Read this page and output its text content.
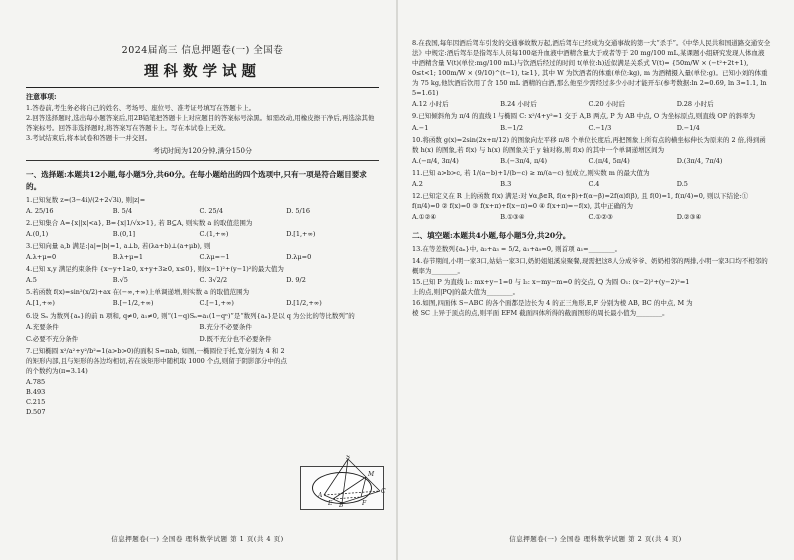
2024届高三 信息押题卷(一) 全国卷
理科数学试题

注意事项:

1.答卷前,考生务必将自己的姓名、考场号、座位号、准考证号填写在答题卡上。

2.回答选择题时,选出每小题答案后,用2B铅笔把答题卡上对应题目的答案标号涂黑。如需改动,用橡皮擦干净后,再选涂其他答案标号。回答非选择题时,将答案写在答题卡上。写在本试卷上无效。

3.考试结束后,将本试卷和答题卡一并交回。

考试时间为120分钟,满分150分
一、选择题:本题共12小题,每小题5分,共60分。在每小题给出的四个选项中,只有一项是符合题目要求的。
1.已知复数 z=(3−4i)/(2+2√3i), 则|z|=
A. 25/16	B. 5/4	C. 25/4	D. 5/16
2.已知集合 A={x||x|<a}, B={x|1/√x>1}, 若 B⊆A, 则实数 a 的取值范围为
A.(0,1)	B.(0,1]	C.(1,+∞)	D.[1,+∞)
3.已知向量 a,b 满足:|a|=|b|=1, a⊥b, 若(λa+b)⊥(a+μb), 则
A.λ+μ=0	B.λ+μ=1	C.λμ=−1	D.λμ=0
4.已知 x,y 满足约束条件 {x−y+1≥0, x+y+3≥0, x≤0}, 则(x−1)²+(y−1)²的最大值为
A.5	B.√5	C. 3√2/2	D. 9/2
5.若函数 f(x)=sin²(x/2)+ax 在(−∞,+∞)上单调递增,则实数 a 的取值范围为
A.[1,+∞)	B.[−1/2,+∞)	C.[−1,+∞)	D.[1/2,+∞)
6.设 Sₙ 为数列{aₙ}的前 n 项和, q≠0, a₁≠0, 则“(1−q)Sₙ=a₁(1−qⁿ)”是“数列{aₙ}是以 q 为公比的等比数列”的
A.充要条件	B.充分不必要条件
C.必要不充分条件	D.既不充分也不必要条件
7.已知椭圆 x²/a²+y²/b²=1(a>b>0)的面积 S=πab, 如图,一椭圆位于托,宽分别为 4 和 2 的矩形内部,且与矩形的各边均相切,若在该矩形中随机取 1000 个点,则留于阴影部分中的点的个数约为(π≈3.14)
A.785
B.493
C.215
D.507
信息押题卷(一) 全国卷 理科数学试题 第 1 页(共 4 页)
8.在我国,每年因酒后驾车引发的交通事故数万起,酒后驾车已经成为交通事故的第一大“杀手”。《中华人民共和国道路交通安全法》中规定:酒后驾车是指驾车人员每100毫升血液中酒精含量大于或者等于 20 mg/100 mL,某课题小组研究发现人体血液中酒精含量 V(t)(单位:mg/100 mL)与饮酒后经过的时间 t(单位:h)近似满足关系式 V(t)= {50m/W × (−t²+2t+1), 0≤t<1; 100m/W × (9/10)^(t−1), t≥1}, 其中 W 为饮酒者的体重(单位:kg), m 为酒精摄入量(单位:g)。已知小刘的体重为 75 kg,他饮酒后饮用了含 150 mL 酒精的白酒,那么他至少需经过多少小时才能开车(参考数据:ln 2=0.69, ln 3=1.1, ln 5=1.61)
A.12 小时后	B.24 小时后	C.20 小时后	D.28 小时后
9.已知倾斜角为 π/4 的直线 l 与椭圆 C: x²/4+y²=1 交于 A,B 两点, P 为 AB 中点, O 为坐标原点,则直线 OP 的斜率为
A.−1	B.−1/2	C.−1/3	D.−1/4
10.将函数 g(x)=2sin(2x+π/12) 的图象向左平移 π/8 个单位长度后,再把图象上所有点的横坐标伸长为原来的 2 倍,得到函数 h(x) 的图象,若 f(x) 与 h(x) 的图象关于 y 轴对称,则 f(x) 的其中一个单调递增区间为
A.(−π/4, 3π/4)	B.(−3π/4, π/4)	C.(π/4, 5π/4)	D.(3π/4, 7π/4)
11.已知 a>b>c, 若 1/(a−b)+1/(b−c) ≥ m/(a−c) 恒成立,则实数 m 的最大值为
A.2	B.3	C.4	D.5
12.已知定义在 R 上的函数 f(x) 满足:对 ∀α,β∈R, f(α+β)+f(α−β)=2f(α)f(β), 且 f(0)=1, f(π/4)=0, 则以下结论:① f(π/4)=0 ② f(x)=0 ③ f(x+π)+f(x−π)=0 ④ f(x+π)=−f(x), 其中正确的为
A.①②④	B.①③④	C.①②③	D.②③④
二、填空题:本题共4小题,每小题5分,共20分。
13.在等差数列{aₙ}中, a₂+a₃ = 5/2, a₁+a₉=0, 则首项 a₁=________。
14.春节期间,小明一家3口,姑姑一家3口,奶奶姐姐溪泉聚餐,现需把这8人分成爷爷、奶奶相邻的两排,小明一家3口均不相邻的概率为________。
15.已知 P 为直线 l₁: mx+y−1=0 与 l₂: x−my−m=0 的交点, Q 为圆 O₁: (x−2)²+(y−2)²=1 上的点,则|PQ|的最大值为________。
16.如图,四面体 S−ABC 的各个面都是边长为 4 的正三角形,E,F 分别为棱 AB, BC 的中点, M 为棱 SC 上异于顶点的点,则平面 EFM 截面四体所得的截面图形的周长最小值为________。
信息押题卷(一) 全国卷 理科数学试题 第 2 页(共 4 页)
S
M
A
B
C
E	F
